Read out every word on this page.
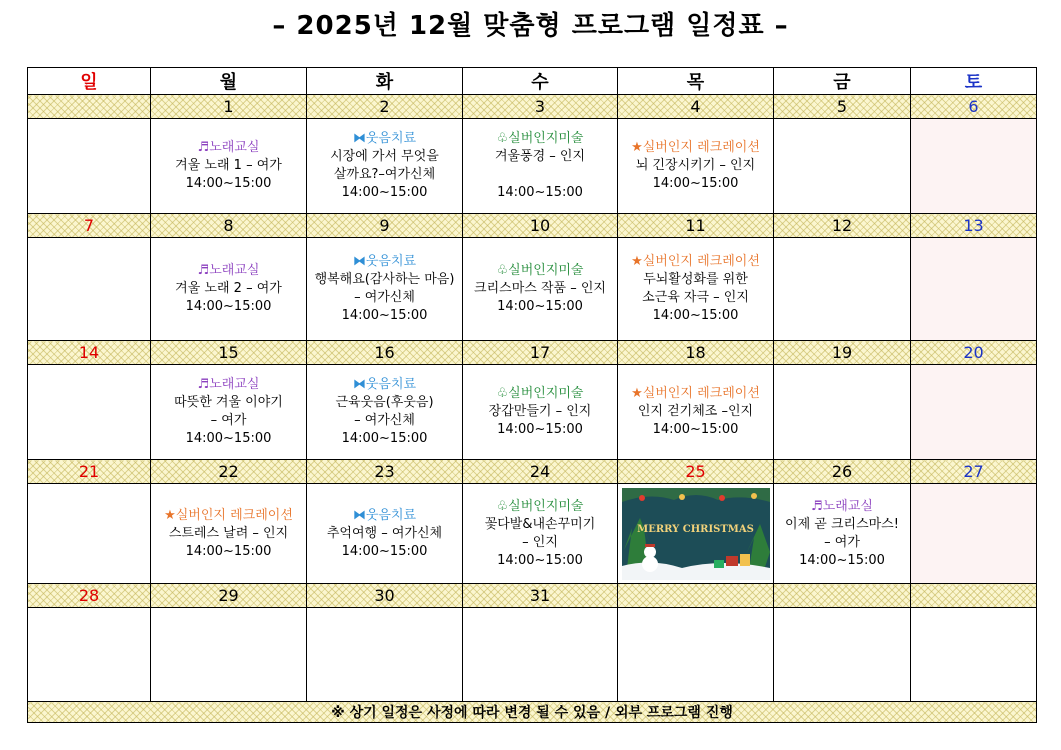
– 2025년 12월 맞춤형 프로그램 일정표 –
일	월	화	수	목	금	토
	1	2	3	4	5	6

	♬노래교실
겨울 노래 1 – 여가
14:00~15:00	⧓웃음치료
시장에 가서 무엇을
살까요?–여가신체
14:00~15:00	♧실버인지미술
겨울풍경 – 인지

14:00~15:00	★실버인지 레크레이션
뇌 긴장시키기 – 인지
14:00~15:00		

7	8	9	10	11	12	13

	♬노래교실
겨울 노래 2 – 여가
14:00~15:00	⧓웃음치료
행복해요(감사하는 마음)
– 여가신체
14:00~15:00	♧실버인지미술
크리스마스 작품 – 인지
14:00~15:00	★실버인지 레크레이션
두뇌활성화를 위한
소근육 자극 – 인지
14:00~15:00		

14	15	16	17	18	19	20

	♬노래교실
따뜻한 겨울 이야기
– 여가
14:00~15:00	⧓웃음치료
근육웃음(후웃음)
– 여가신체
14:00~15:00	♧실버인지미술
장갑만들기 – 인지
14:00~15:00	★실버인지 레크레이션
인지 걷기체조 –인지
14:00~15:00		

21	22	23	24	25	26	27

	★실버인지 레크레이션
스트레스 날려 – 인지
14:00~15:00	⧓웃음치료
추억여행 – 여가신체
14:00~15:00	♧실버인지미술
꽃다발&내손꾸미기
– 인지
14:00~15:00	MERRY CHRISTMAS	♬노래교실
이제 곧 크리스마스!
– 여가
14:00~15:00	

28	29	30	31			

※ 상기 일정은 사정에 따라 변경 될 수 있음 / 외부 프로그램 진행						
